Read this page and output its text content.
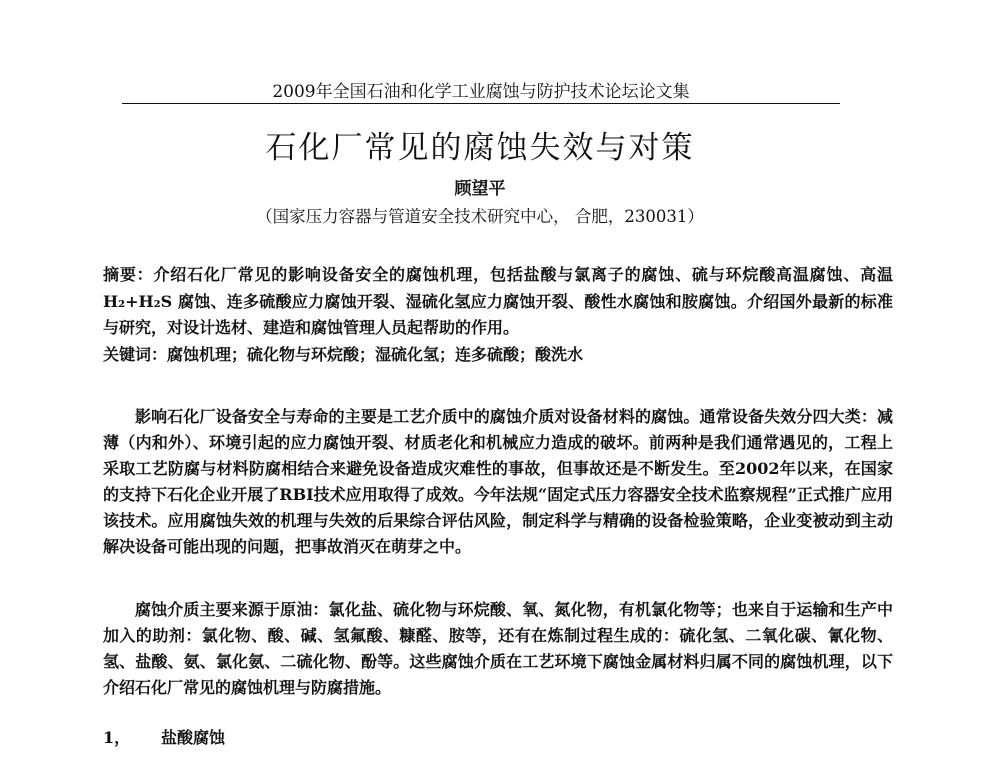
2009年全国石油和化学工业腐蚀与防护技术论坛论文集
石化厂常见的腐蚀失效与对策
顾望平
（国家压力容器与管道安全技术研究中心， 合肥，230031）
摘要：介绍石化厂常见的影响设备安全的腐蚀机理，包括盐酸与氯离子的腐蚀、硫与环烷酸高温腐蚀、高温 H₂+H₂S 腐蚀、连多硫酸应力腐蚀开裂、湿硫化氢应力腐蚀开裂、酸性水腐蚀和胺腐蚀。介绍国外最新的标准与研究，对设计选材、建造和腐蚀管理人员起帮助的作用。
关键词：腐蚀机理；硫化物与环烷酸；湿硫化氢；连多硫酸；酸洗水
影响石化厂设备安全与寿命的主要是工艺介质中的腐蚀介质对设备材料的腐蚀。通常设备失效分四大类：减薄（内和外）、环境引起的应力腐蚀开裂、材质老化和机械应力造成的破坏。前两种是我们通常遇见的，工程上采取工艺防腐与材料防腐相结合来避免设备造成灾难性的事故，但事故还是不断发生。至2002年以来，在国家的支持下石化企业开展了RBI技术应用取得了成效。今年法规“固定式压力容器安全技术监察规程”正式推广应用该技术。应用腐蚀失效的机理与失效的后果综合评估风险，制定科学与精确的设备检验策略，企业变被动到主动解决设备可能出现的问题，把事故消灭在萌芽之中。
腐蚀介质主要来源于原油：氯化盐、硫化物与环烷酸、氧、氮化物，有机氯化物等；也来自于运输和生产中加入的助剂：氯化物、酸、碱、氢氟酸、糠醛、胺等，还有在炼制过程生成的：硫化氢、二氧化碳、氰化物、氢、盐酸、氨、氯化氨、二硫化物、酚等。这些腐蚀介质在工艺环境下腐蚀金属材料归属不同的腐蚀机理，以下介绍石化厂常见的腐蚀机理与防腐措施。
1， 盐酸腐蚀
